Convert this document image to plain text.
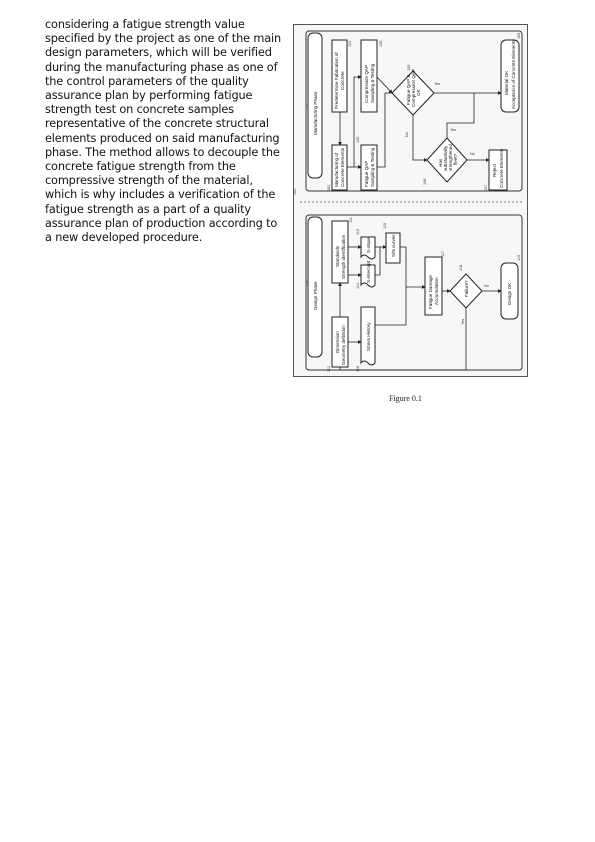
considering a fatigue strength value specified by the project as one of the main design parameters, which will be verified during the manufacturing phase as one of the control parameters of the quality assurance plan by performing fatigue strength test on concrete samples representative of the concrete structural elements produced on said manufacturing phase. The method allows to decouple the concrete fatigue strength from the compressive strength of the material, which is why includes a verification of the fatigue strength as a part of a quality assurance plan of production according to a new developed procedure.

Manufacturing Phase
122	Predetermine Fabrication of Concrete
124
Manufacturing of Concrete Elements
102
Fatigue QAP Sampling & Testing
125
Compression QAP Sampling & Testing
126
Fatigue QAP & Compression QAP OK
105
Yes
No
Has substantially strengthened fleet?
108
Yes
No
Material OK Acceptance of Concrete Elements
109
Reject Concrete Elements
107
100
Design Phase
110
Standards Strength identification
111
Dimension Geometry definition
112
S-slope
113
S-intercept
114
S/N curves
115
Stress History
116
Fatigue Damage Accumulation
117
Failure?
118
Yes
No	Design OK
119
Figure 0.1
